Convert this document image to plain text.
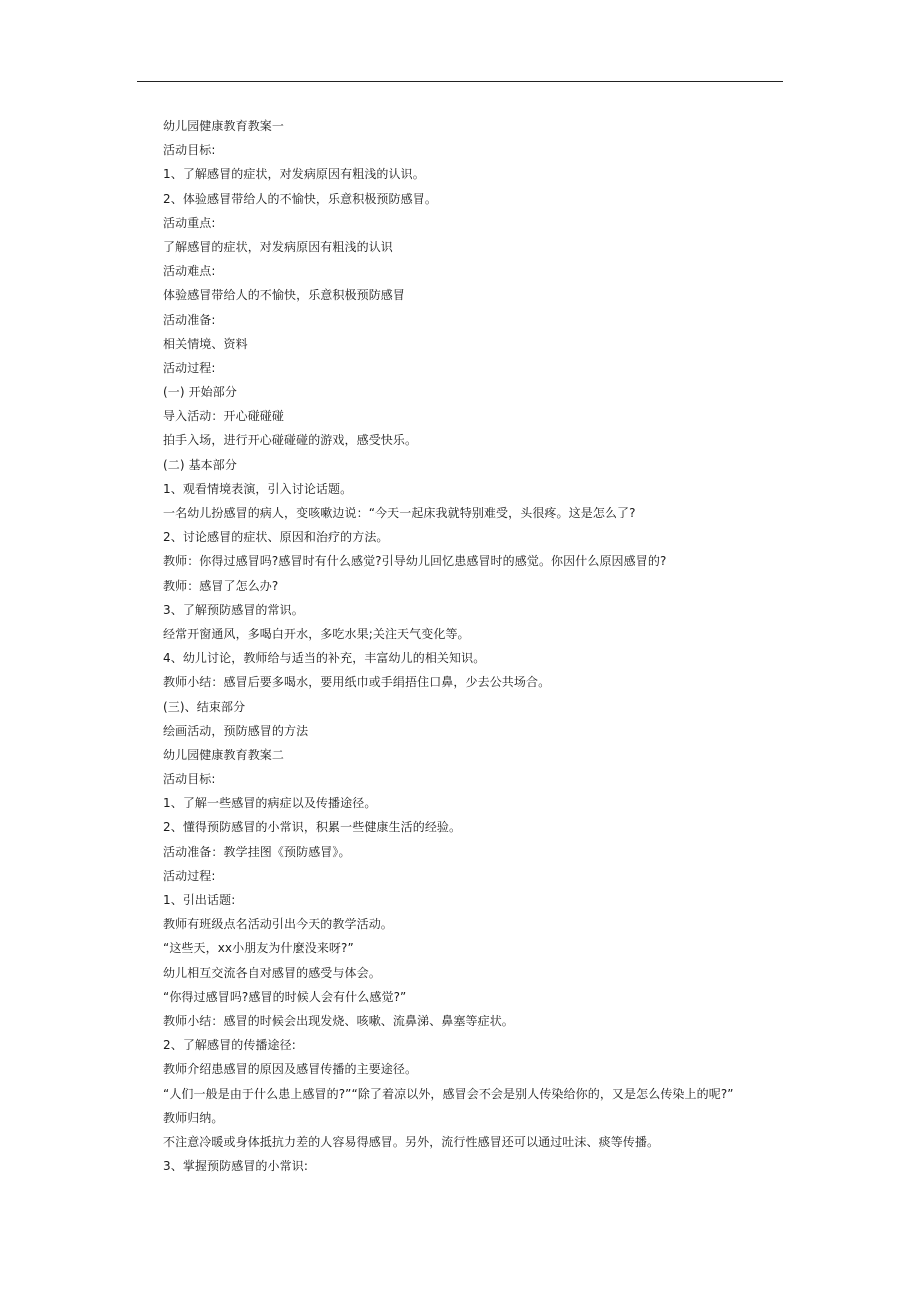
幼儿园健康教育教案一
活动目标:
1、了解感冒的症状，对发病原因有粗浅的认识。
2、体验感冒带给人的不愉快，乐意积极预防感冒。
活动重点:
了解感冒的症状，对发病原因有粗浅的认识
活动难点:
体验感冒带给人的不愉快，乐意积极预防感冒
活动准备:
相关情境、资料
活动过程:
(一) 开始部分
导入活动：开心碰碰碰
拍手入场，进行开心碰碰碰的游戏，感受快乐。
(二) 基本部分
1、观看情境表演，引入讨论话题。
一名幼儿扮感冒的病人，变咳嗽边说：“今天一起床我就特别难受，头很疼。这是怎么了?
2、讨论感冒的症状、原因和治疗的方法。
教师：你得过感冒吗?感冒时有什么感觉?引导幼儿回忆患感冒时的感觉。你因什么原因感冒的?
教师：感冒了怎么办?
3、了解预防感冒的常识。
经常开窗通风，多喝白开水，多吃水果;关注天气变化等。
4、幼儿讨论，教师给与适当的补充，丰富幼儿的相关知识。
教师小结：感冒后要多喝水，要用纸巾或手绢捂住口鼻，少去公共场合。
(三)、结束部分
绘画活动，预防感冒的方法
幼儿园健康教育教案二
活动目标:
1、了解一些感冒的病症以及传播途径。
2、懂得预防感冒的小常识，积累一些健康生活的经验。
活动准备：教学挂图《预防感冒》。
活动过程:
1、引出话题:
教师有班级点名活动引出今天的教学活动。
“这些天，xx小朋友为什麼没来呀?”
幼儿相互交流各自对感冒的感受与体会。
“你得过感冒吗?感冒的时候人会有什么感觉?”
教师小结：感冒的时候会出现发烧、咳嗽、流鼻涕、鼻塞等症状。
2、了解感冒的传播途径:
教师介绍患感冒的原因及感冒传播的主要途径。
“人们一般是由于什么患上感冒的?”“除了着凉以外，感冒会不会是别人传染给你的，又是怎么传染上的呢?”
教师归纳。
不注意冷暖或身体抵抗力差的人容易得感冒。另外，流行性感冒还可以通过吐沫、痰等传播。
3、掌握预防感冒的小常识:
